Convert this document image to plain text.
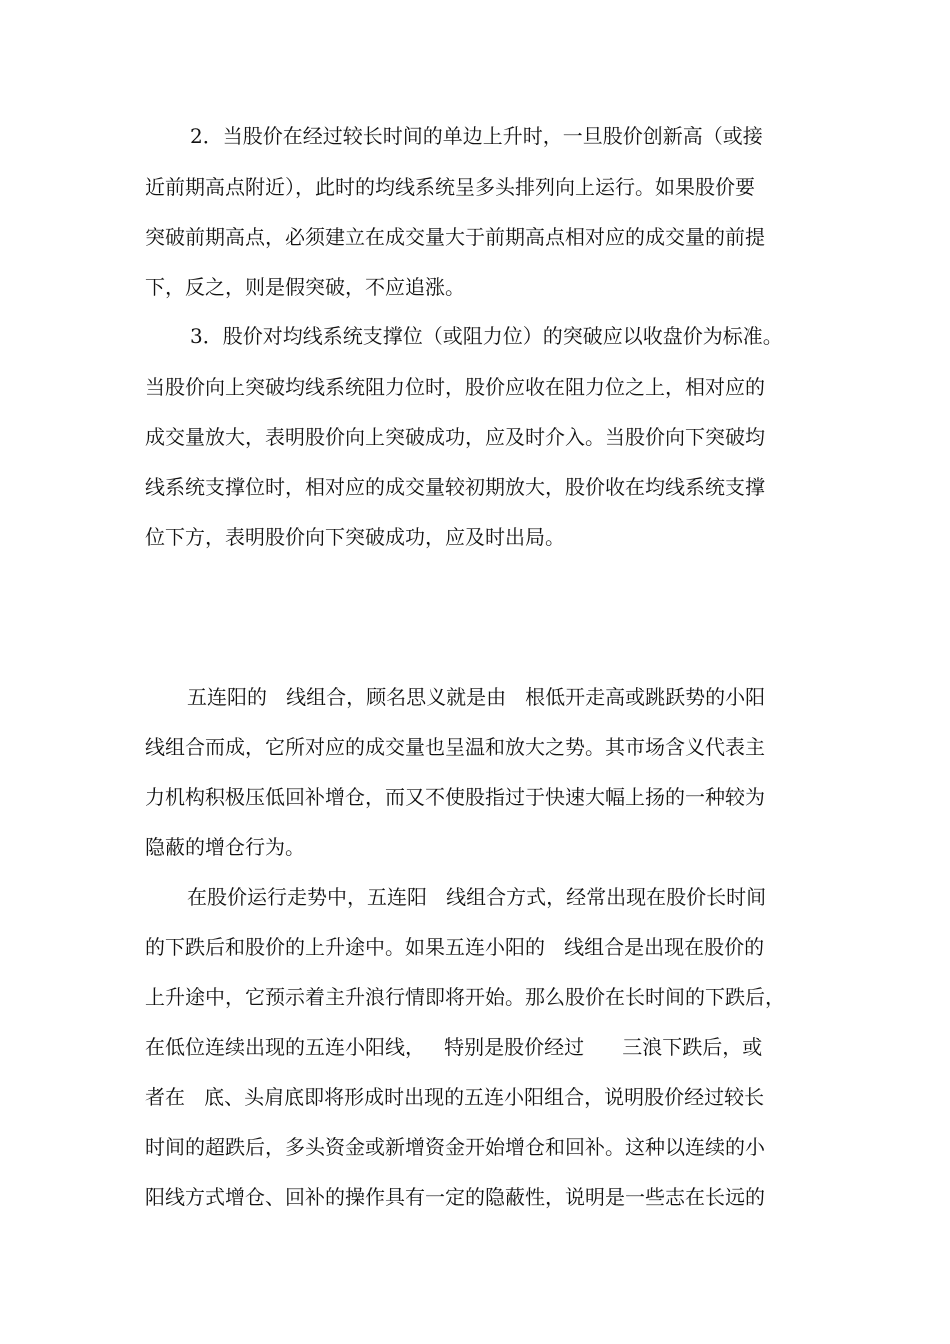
2．当股价在经过较长时间的单边上升时，一旦股价创新高（或接
近前期高点附近），此时的均线系统呈多头排列向上运行。如果股价要
突破前期高点，必须建立在成交量大于前期高点相对应的成交量的前提
下，反之，则是假突破，不应追涨。
3．股价对均线系统支撑位（或阻力位）的突破应以收盘价为标准。
当股价向上突破均线系统阻力位时，股价应收在阻力位之上，相对应的
成交量放大，表明股价向上突破成功，应及时介入。当股价向下突破均
线系统支撑位时，相对应的成交量较初期放大，股价收在均线系统支撑
位下方，表明股价向下突破成功，应及时出局。
五连阳的   线组合，顾名思义就是由   根低开走高或跳跃势的小阳
线组合而成，它所对应的成交量也呈温和放大之势。其市场含义代表主
力机构积极压低回补增仓，而又不使股指过于快速大幅上扬的一种较为
隐蔽的增仓行为。
在股价运行走势中，五连阳   线组合方式，经常出现在股价长时间
的下跌后和股价的上升途中。如果五连小阳的   线组合是出现在股价的
上升途中，它预示着主升浪行情即将开始。那么股价在长时间的下跌后，
在低位连续出现的五连小阳线，   特别是股价经过      三浪下跌后，或
者在   底、头肩底即将形成时出现的五连小阳组合，说明股价经过较长
时间的超跌后，多头资金或新增资金开始增仓和回补。这种以连续的小
阳线方式增仓、回补的操作具有一定的隐蔽性，说明是一些志在长远的
